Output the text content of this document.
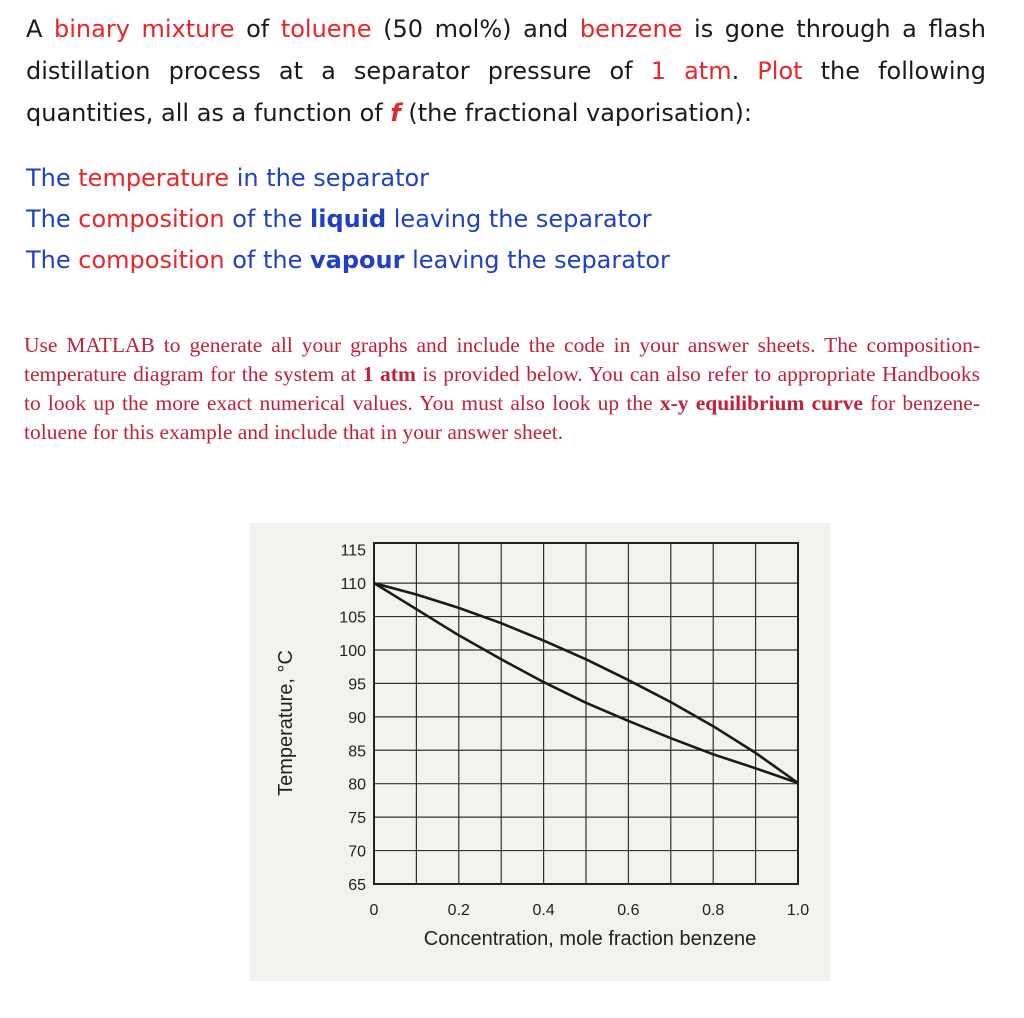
A binary mixture of toluene (50 mol%) and benzene is gone through a flash distillation process at a separator pressure of 1 atm. Plot the following quantities, all as a function of f (the fractional vaporisation):

The temperature in the separator
The composition of the liquid leaving the separator
The composition of the vapour leaving the separator

Use MATLAB to generate all your graphs and include the code in your answer sheets. The composition-temperature diagram for the system at 1 atm is provided below. You can also refer to appropriate Handbooks to look up the more exact numerical values. You must also look up the x-y equilibrium curve for benzene-toluene for this example and include that in your answer sheet.

115
110
105
100
95
90
85
80
75
70
65
0	0.2	0.4	0.6	0.8	1.0
Temperature, °C
Concentration, mole fraction benzene
